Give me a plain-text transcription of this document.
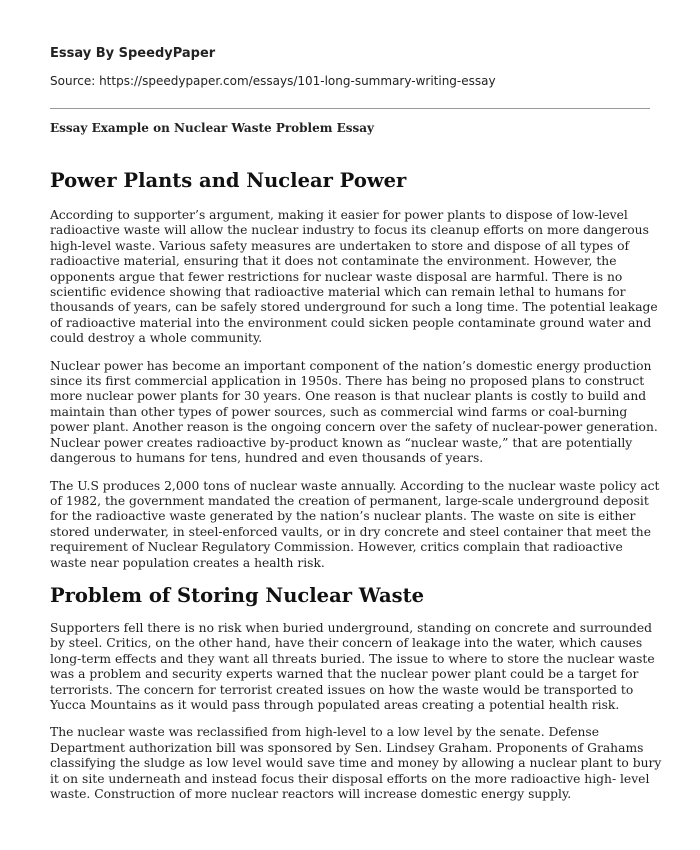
Essay By SpeedyPaper
Source: https://speedypaper.com/essays/101-long-summary-writing-essay
Essay Example on Nuclear Waste Problem Essay
Power Plants and Nuclear Power

According to supporter’s argument, making it easier for power plants to dispose of low-level radioactive waste will allow the nuclear industry to focus its cleanup efforts on more dangerous high-level waste. Various safety measures are undertaken to store and dispose of all types of radioactive material, ensuring that it does not contaminate the environment. However, the opponents argue that fewer restrictions for nuclear waste disposal are harmful. There is no scientific evidence showing that radioactive material which can remain lethal to humans for thousands of years, can be safely stored underground for such a long time. The potential leakage of radioactive material into the environment could sicken people contaminate ground water and could destroy a whole community.

Nuclear power has become an important component of the nation’s domestic energy production since its first commercial application in 1950s. There has being no proposed plans to construct more nuclear power plants for 30 years. One reason is that nuclear plants is costly to build and maintain than other types of power sources, such as commercial wind farms or coal-burning power plant. Another reason is the ongoing concern over the safety of nuclear-power generation. Nuclear power creates radioactive by-product known as “nuclear waste,” that are potentially dangerous to humans for tens, hundred and even thousands of years.

The U.S produces 2,000 tons of nuclear waste annually. According to the nuclear waste policy act of 1982, the government mandated the creation of permanent, large-scale underground deposit for the radioactive waste generated by the nation’s nuclear plants. The waste on site is either stored underwater, in steel-enforced vaults, or in dry concrete and steel container that meet the requirement of Nuclear Regulatory Commission. However, critics complain that radioactive waste near population creates a health risk.

Problem of Storing Nuclear Waste

Supporters fell there is no risk when buried underground, standing on concrete and surrounded by steel. Critics, on the other hand, have their concern of leakage into the water, which causes long-term effects and they want all threats buried. The issue to where to store the nuclear waste was a problem and security experts warned that the nuclear power plant could be a target for terrorists. The concern for terrorist created issues on how the waste would be transported to Yucca Mountains as it would pass through populated areas creating a potential health risk.

The nuclear waste was reclassified from high-level to a low level by the senate. Defense Department authorization bill was sponsored by Sen. Lindsey Graham. Proponents of Grahams classifying the sludge as low level would save time and money by allowing a nuclear plant to bury it on site underneath and instead focus their disposal efforts on the more radioactive high- level waste. Construction of more nuclear reactors will increase domestic energy supply.
